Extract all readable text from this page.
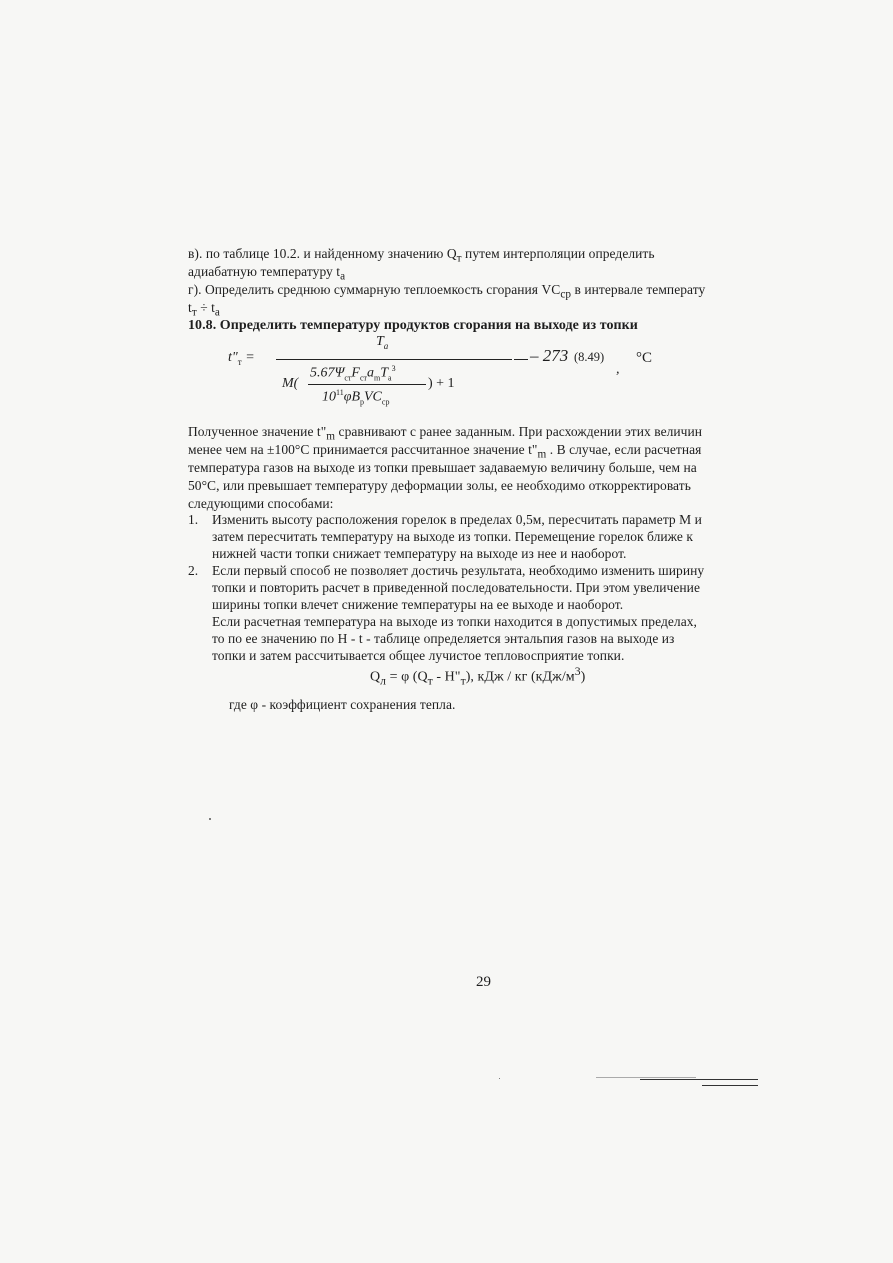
в). по таблице 10.2. и найденному значению $Q_т$ путем интерполяции определить
адиабатную температуру $t_а$
г). Определить среднюю суммарную теплоемкость сгорания $VC_{ср}$ в интервале температу
$t_т \div t_а$
10.8. Определить температуру продуктов сгорания на выходе из топки
$t"_т$ =
$T_а$	– 273 (8.49)
,
°С
M(
$5.67\Psi_{ст}F_{ст}a_mT_а^3$
) + 1
$10^{11}\varphi B_рVC_{ср}$
Полученное значение $t"_m$ сравнивают с ранее заданным. При расхождении этих величин
менее чем на ±100°С принимается рассчитанное значение $t"_m$ . В случае, если расчетная
температура газов на выходе из топки превышает задаваемую величину больше, чем на
50°С, или превышает температуру деформации золы, ее необходимо откорректировать
следующими способами:
1. Изменить высоту расположения горелок в пределах 0,5м, пересчитать параметр М и
затем пересчитать температуру на выходе из топки. Перемещение горелок ближе к
нижней части топки снижает температуру на выходе из нее и наоборот.
2. Если первый способ не позволяет достичь результата, необходимо изменить ширину
топки и повторить расчет в приведенной последовательности. При этом увеличение
ширины топки влечет снижение температуры на ее выходе и наоборот.
Если расчетная температура на выходе из топки находится в допустимых пределах,
то по ее значению по Н - t - таблице определяется энтальпия газов на выходе из
топки и затем рассчитывается общее лучистое тепловосприятие топки.
$Q_л = \varphi$ ($Q_т$ - $H"_т$), кДж / кг $(кДж/м^3)$
где φ - коэффициент сохранения тепла.
29
